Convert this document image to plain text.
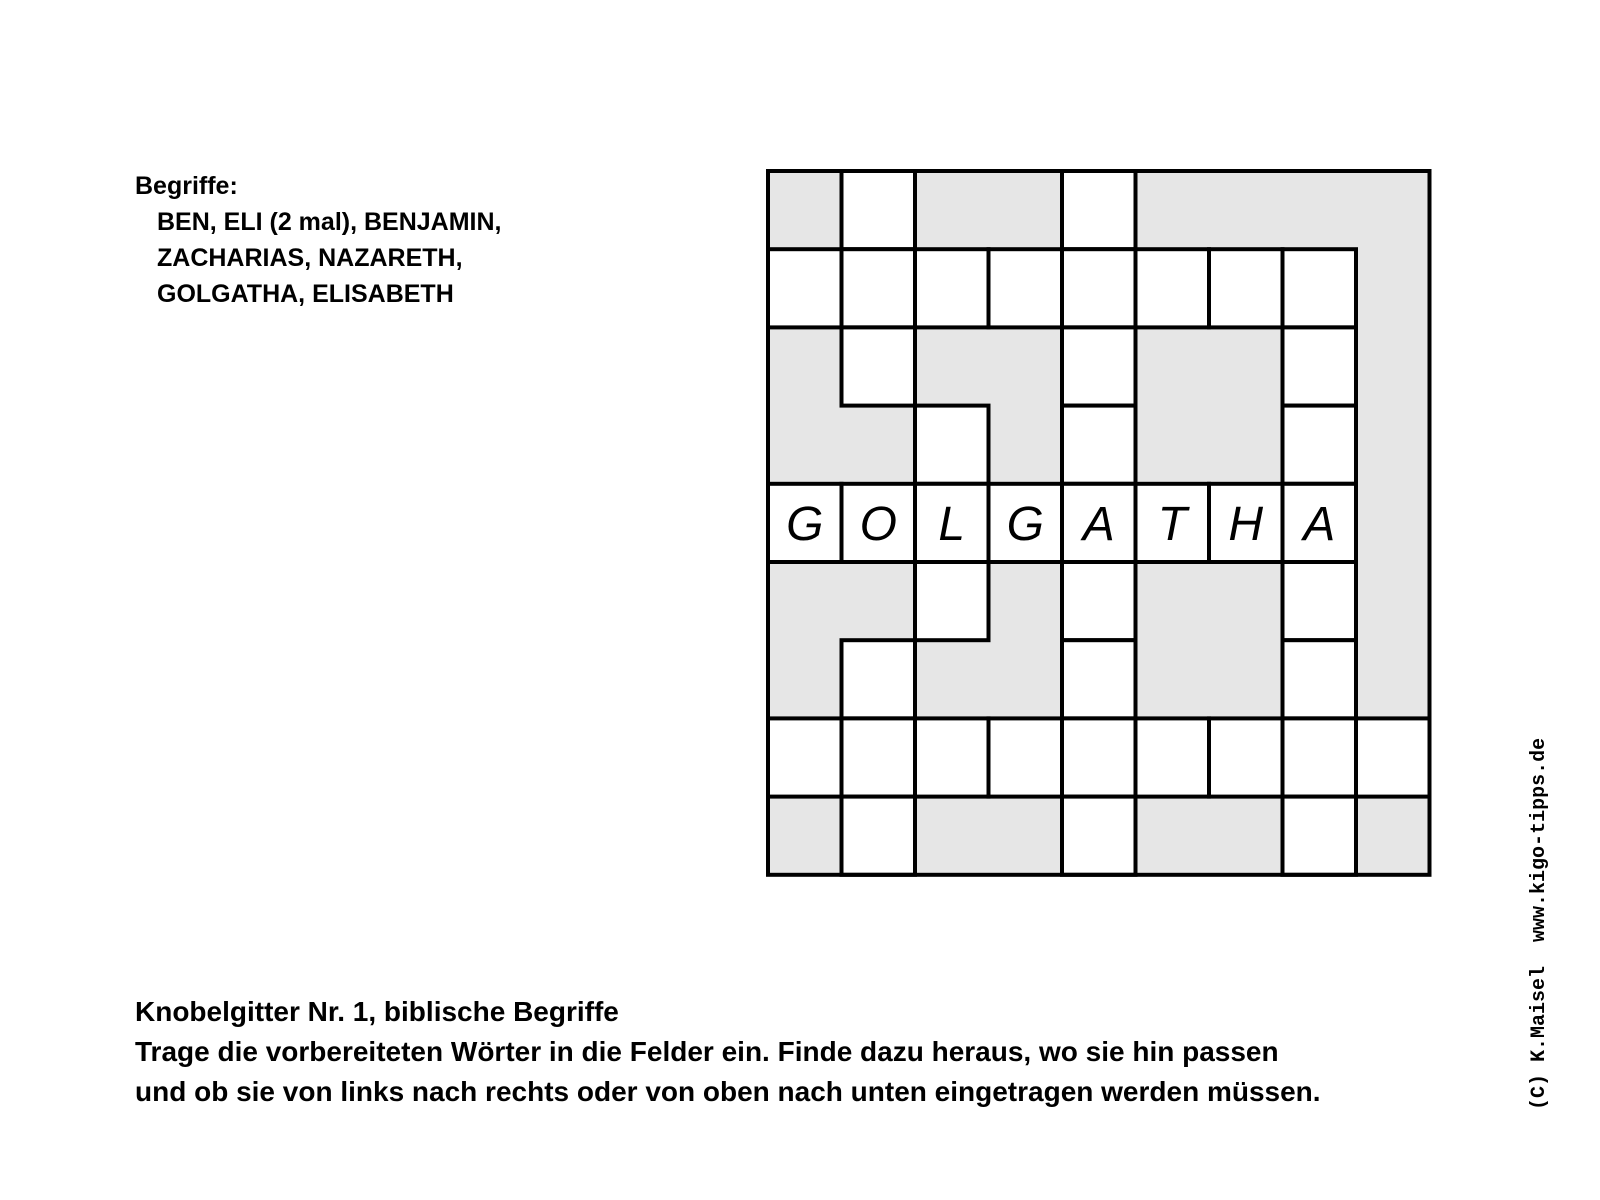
Begriffe:
BEN, ELI (2 mal), BENJAMIN,
ZACHARIAS, NAZARETH,
GOLGATHA, ELISABETH
G O L G A T H A
Knobelgitter Nr. 1, biblische Begriffe
Trage die vorbereiteten Wörter in die Felder ein. Finde dazu heraus, wo sie hin passen
und ob sie von links nach rechts oder von oben nach unten eingetragen werden müssen.	(C) K.Maisel  www.kigo-tipps.de
